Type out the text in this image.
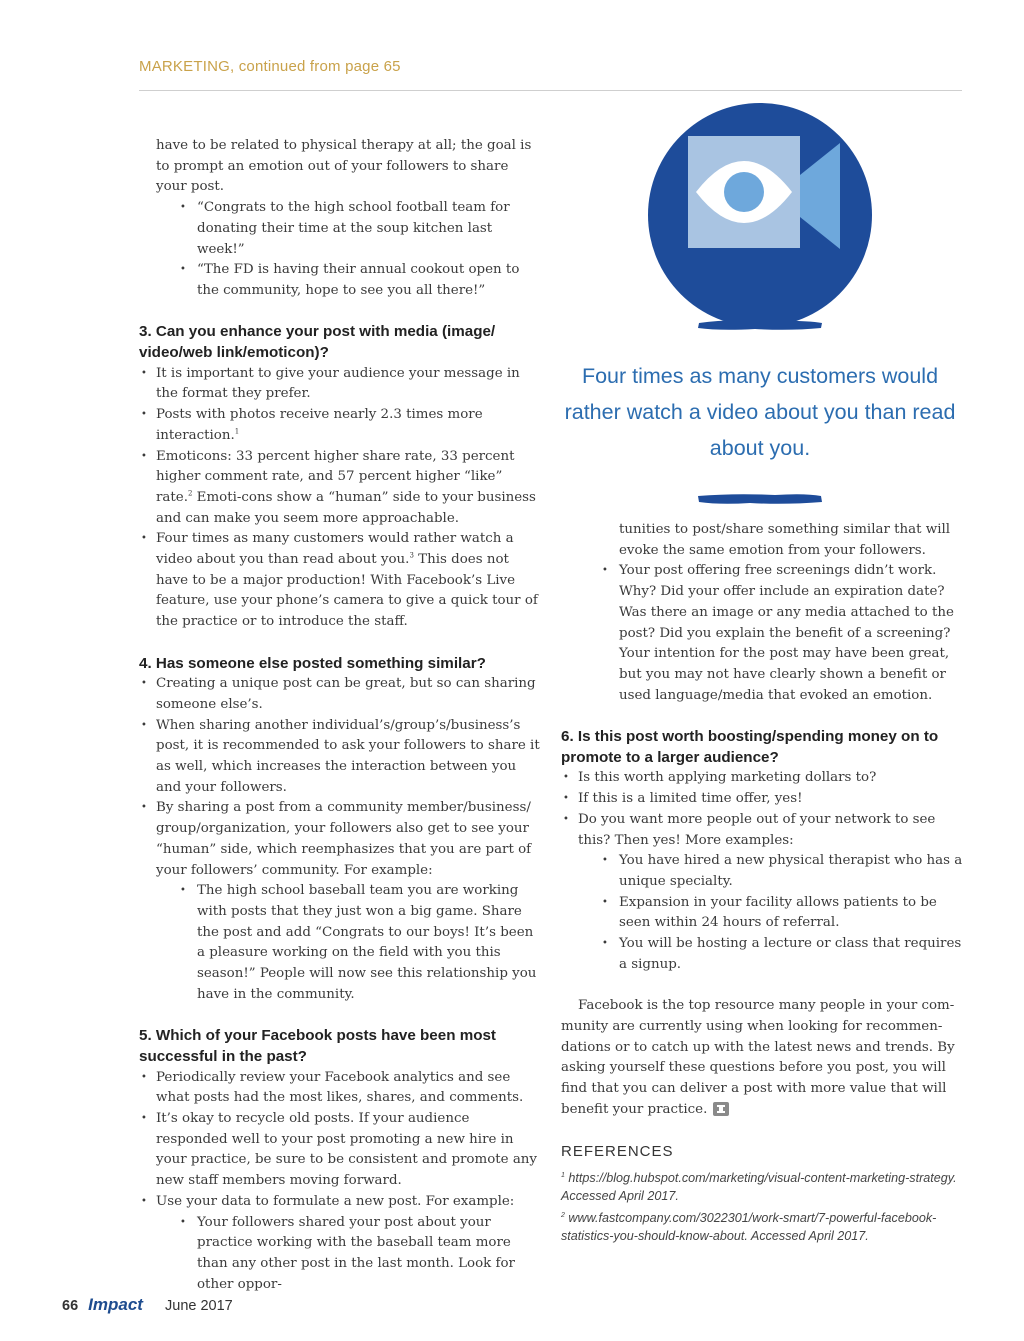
MARKETING, continued from page 65

have to be related to physical therapy at all; the goal is to prompt an emotion out of your followers to share your post.

• “Congrats to the high school football team for donating their time at the soup kitchen last week!”
• “The FD is having their annual cookout open to the community, hope to see you all there!”
3. Can you enhance your post with media (image/ video/web link/emoticon)?
• It is important to give your audience your message in the format they prefer.
• Posts with photos receive nearly 2.3 times more interaction.$^1$
• Emoticons: 33 percent higher share rate, 33 percent higher comment rate, and 57 percent higher “like” rate.$^2$ Emoti-cons show a “human” side to your business and can make you seem more approachable.
• Four times as many customers would rather watch a video about you than read about you.$^3$ This does not have to be a major production! With Facebook’s Live feature, use your phone’s camera to give a quick tour of the practice or to introduce the staff.
4. Has someone else posted something similar?
• Creating a unique post can be great, but so can sharing someone else’s.
• When sharing another individual’s/group’s/business’s post, it is recommended to ask your followers to share it as well, which increases the interaction between you and your followers.
• By sharing a post from a community member/business/ group/organization, your followers also get to see your “human” side, which reemphasizes that you are part of your followers’ community. For example:
• The high school baseball team you are working with posts that they just won a big game. Share the post and add “Congrats to our boys! It’s been a pleasure working on the field with you this season!” People will now see this relationship you have in the community.
5. Which of your Facebook posts have been most successful in the past?
• Periodically review your Facebook analytics and see what posts had the most likes, shares, and comments.
• It’s okay to recycle old posts. If your audience responded well to your post promoting a new hire in your practice, be sure to be consistent and promote any new staff members moving forward.
• Use your data to formulate a new post. For example:
• Your followers shared your post about your practice working with the baseball team more than any other post in the last month. Look for other oppor-
Four times as many customers would rather watch a video about you than read about you.

tunities to post/share something similar that will evoke the same emotion from your followers.

• Your post offering free screenings didn’t work. Why? Did your offer include an expiration date? Was there an image or any media attached to the post? Did you explain the benefit of a screening? Your intention for the post may have been great, but you may not have clearly shown a benefit or used language/media that evoked an emotion.
6. Is this post worth boosting/spending money on to promote to a larger audience?
• Is this worth applying marketing dollars to?
• If this is a limited time offer, yes!
• Do you want more people out of your network to see this? Then yes! More examples:
• You have hired a new physical therapist who has a unique specialty.
• Expansion in your facility allows patients to be seen within 24 hours of referral.
• You will be hosting a lecture or class that requires a signup.

Facebook is the top resource many people in your com-munity are currently using when looking for recommen-dations or to catch up with the latest news and trends. By asking yourself these questions before you post, you will find that you can deliver a post with more value that will benefit your practice.

REFERENCES
$^1$ https://blog.hubspot.com/marketing/visual-content-marketing-strategy. Accessed April 2017.
$^2$ www.fastcompany.com/3022301/work-smart/7-powerful-facebook-statistics-you-should-know-about. Accessed April 2017.
66 Impact June 2017
